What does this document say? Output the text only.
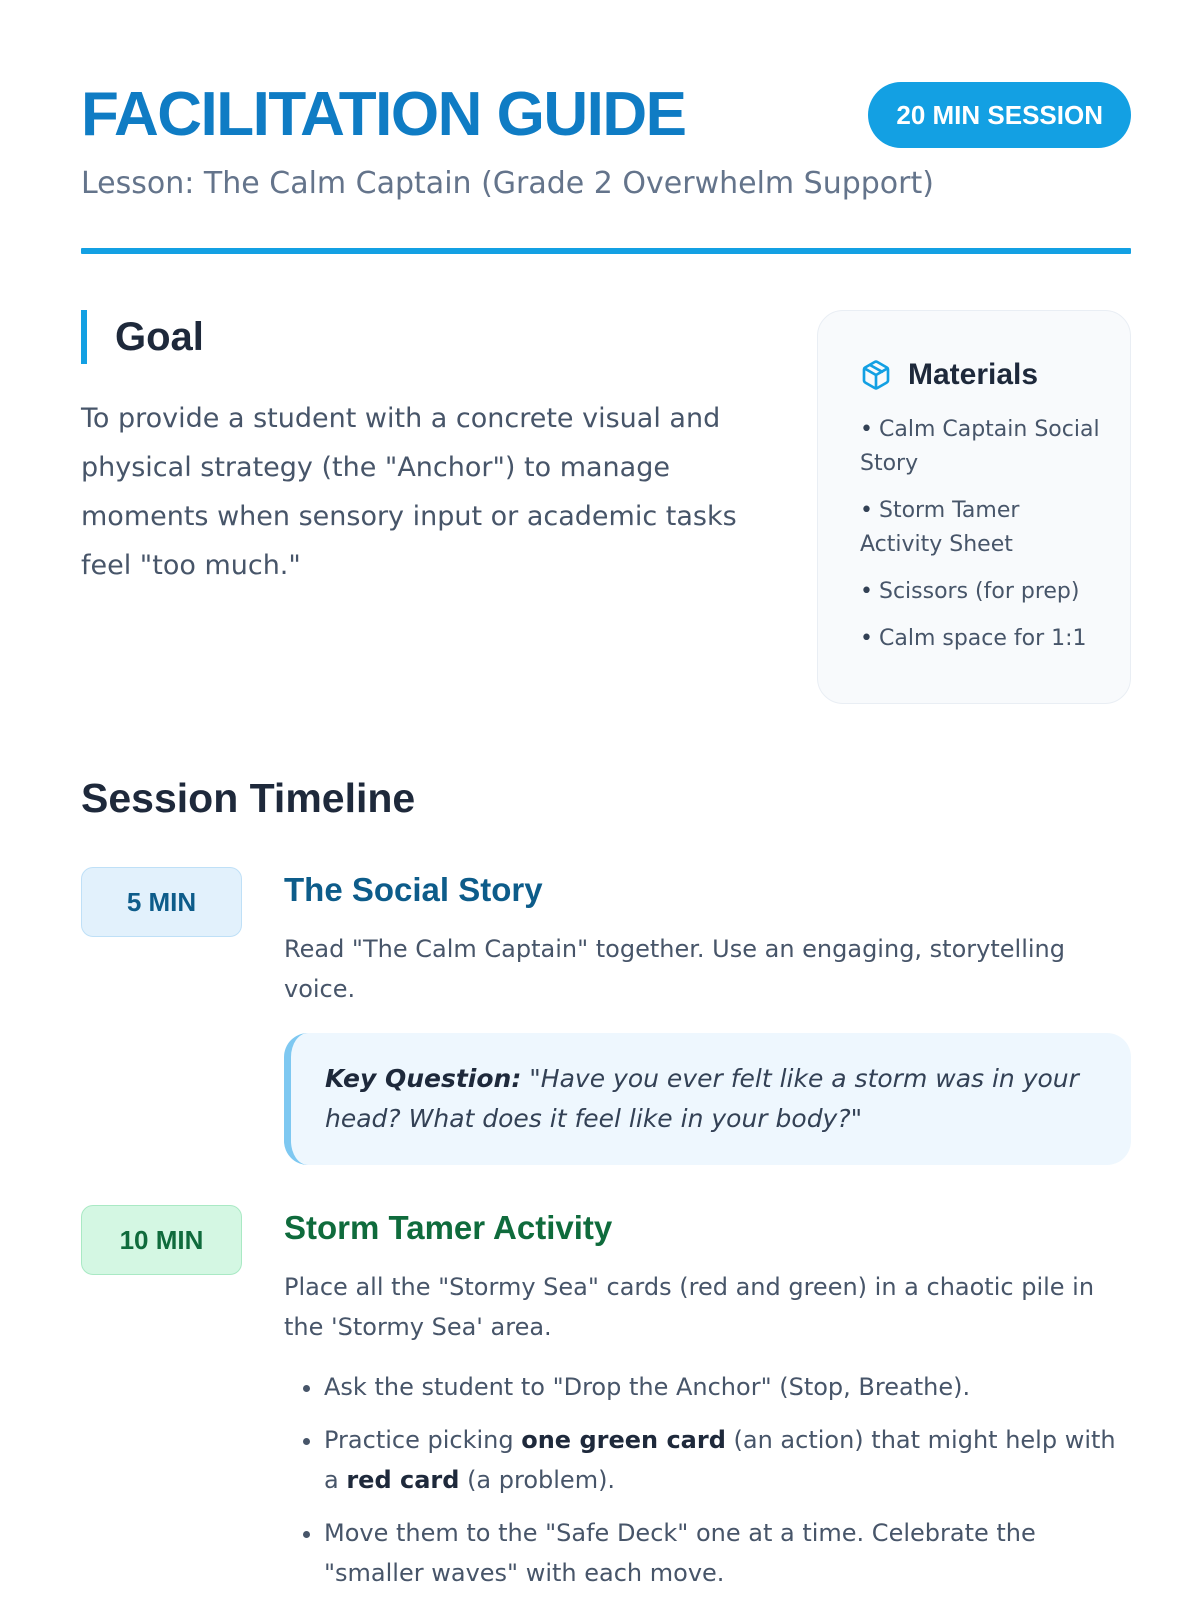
FACILITATION GUIDE	20 MIN SESSION
Lesson: The Calm Captain (Grade 2 Overwhelm Support)
Goal

To provide a student with a concrete visual and physical strategy (the "Anchor") to manage moments when sensory input or academic tasks feel "too much."

Materials
• Calm Captain Social Story
• Storm Tamer Activity Sheet
• Scissors (for prep)
• Calm space for 1:1
Session Timeline
5 MIN	The Social Story

Read "The Calm Captain" together. Use an engaging, storytelling voice.

Key Question: "Have you ever felt like a storm was in your head? What does it feel like in your body?"
10 MIN	Storm Tamer Activity

Place all the "Stormy Sea" cards (red and green) in a chaotic pile in the 'Stormy Sea' area.

• Ask the student to "Drop the Anchor" (Stop, Breathe).
• Practice picking one green card (an action) that might help with a red card (a problem).
• Move them to the "Safe Deck" one at a time. Celebrate the "smaller waves" with each move.
